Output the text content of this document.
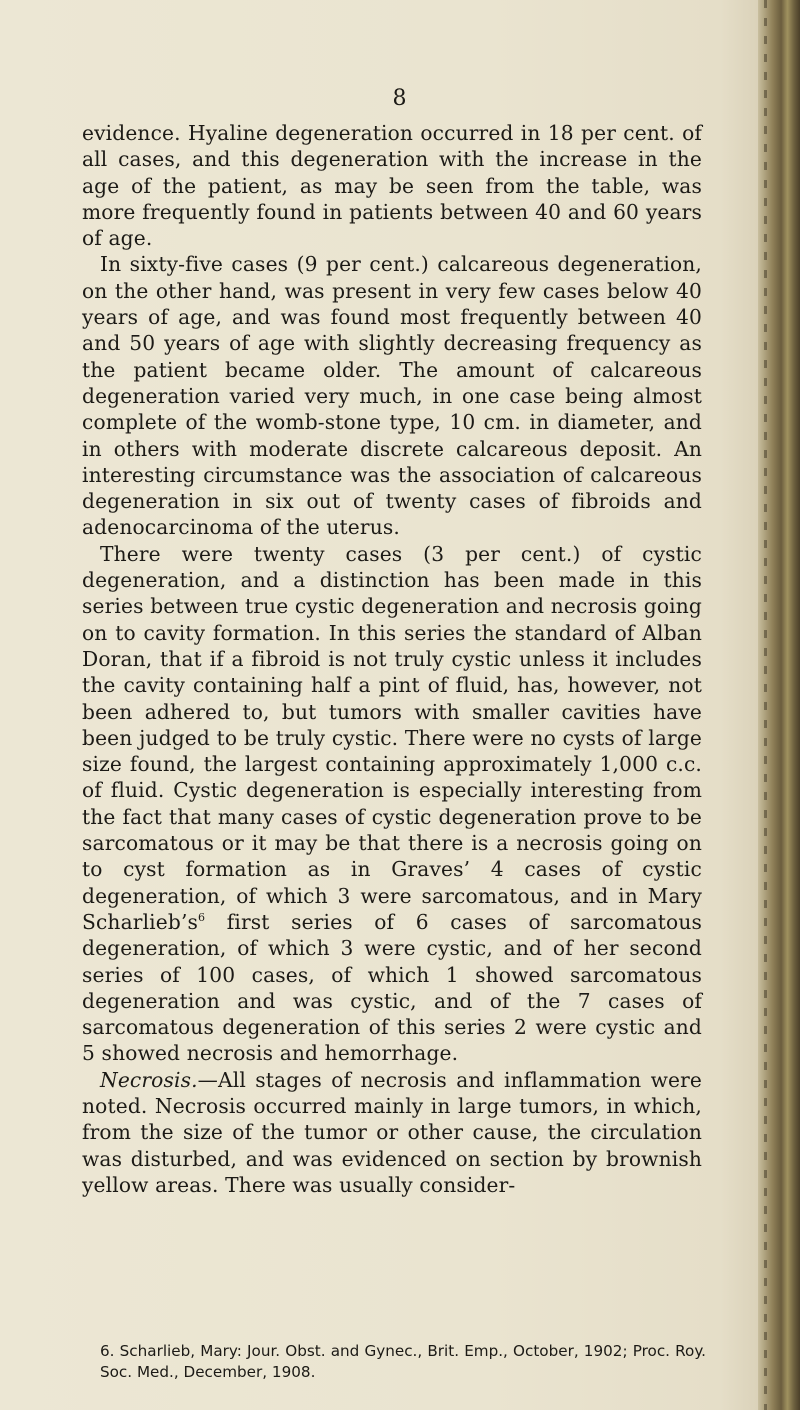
8

evidence. Hyaline degeneration occurred in 18 per cent. of all cases, and this degeneration with the increase in the age of the patient, as may be seen from the table, was more frequently found in patients between 40 and 60 years of age.

In sixty-five cases (9 per cent.) calcareous degeneration, on the other hand, was present in very few cases below 40 years of age, and was found most frequently between 40 and 50 years of age with slightly decreasing frequency as the patient became older. The amount of calcareous degeneration varied very much, in one case being almost complete of the womb-stone type, 10 cm. in diameter, and in others with moderate discrete calcareous deposit. An interesting circumstance was the association of calcareous degeneration in six out of twenty cases of fibroids and adenocarcinoma of the uterus.

There were twenty cases (3 per cent.) of cystic degeneration, and a distinction has been made in this series between true cystic degeneration and necrosis going on to cavity formation. In this series the standard of Alban Doran, that if a fibroid is not truly cystic unless it includes the cavity containing half a pint of fluid, has, however, not been adhered to, but tumors with smaller cavities have been judged to be truly cystic. There were no cysts of large size found, the largest containing approximately 1,000 c.c. of fluid. Cystic degeneration is especially interesting from the fact that many cases of cystic degeneration prove to be sarcomatous or it may be that there is a necrosis going on to cyst formation as in Graves’ 4 cases of cystic degeneration, of which 3 were sarcomatous, and in Mary $Scharlieb’s^6$ first series of 6 cases of sarcomatous degeneration, of which 3 were cystic, and of her second series of 100 cases, of which 1 showed sarcomatous degeneration and was cystic, and of the 7 cases of sarcomatous degeneration of this series 2 were cystic and 5 showed necrosis and hemorrhage.

Necrosis.—All stages of necrosis and inflammation were noted. Necrosis occurred mainly in large tumors, in which, from the size of the tumor or other cause, the circulation was disturbed, and was evidenced on section by brownish yellow areas. There was usually consider-

6. Scharlieb, Mary: Jour. Obst. and Gynec., Brit. Emp., October, 1902; Proc. Roy. Soc. Med., December, 1908.
